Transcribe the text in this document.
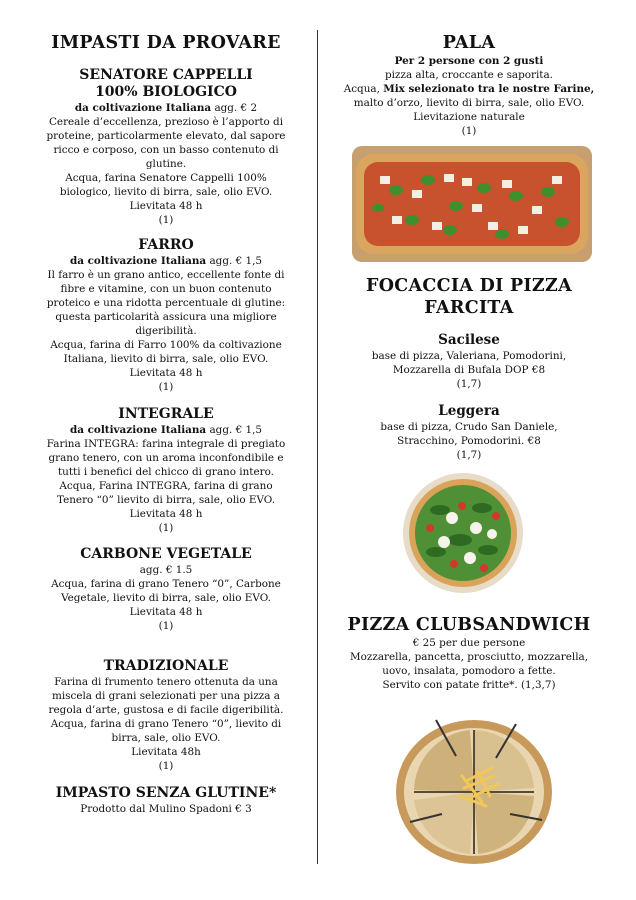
IMPASTI DA PROVARE
SENATORE CAPPELLI
100% BIOLOGICO
da coltivazione Italiana agg. € 2
Cereale d’eccellenza, prezioso è l’apporto di
proteine, particolarmente elevato, dal sapore
ricco e corposo, con un basso contenuto di
glutine.
Acqua, farina Senatore Cappelli 100%
biologico, lievito di birra, sale, olio EVO.
Lievitata 48 h
(1)
FARRO
da coltivazione Italiana agg. € 1,5
Il farro è un grano antico, eccellente fonte di
fibre e vitamine, con un buon contenuto
proteico e una ridotta percentuale di glutine:
questa particolarità assicura una migliore
digeribilità.
Acqua, farina di Farro 100% da coltivazione
Italiana, lievito di birra, sale, olio EVO.
Lievitata 48 h
(1)
INTEGRALE
da coltivazione Italiana agg. € 1,5
Farina INTEGRA: farina integrale di pregiato
grano tenero, con un aroma inconfondibile e
tutti i benefici del chicco di grano intero.
Acqua, Farina INTEGRA, farina di grano
Tenero “0” lievito di birra, sale, olio EVO.
Lievitata 48 h
(1)
CARBONE VEGETALE
agg. € 1.5
Acqua, farina di grano Tenero “0”, Carbone
Vegetale, lievito di birra, sale, olio EVO.
Lievitata 48 h
(1)
TRADIZIONALE
Farina di frumento tenero ottenuta da una
miscela di grani selezionati per una pizza a
regola d’arte, gustosa e di facile digeribilità.
Acqua, farina di grano Tenero “0”, lievito di
birra, sale, olio EVO.
Lievitata 48h
(1)
IMPASTO SENZA GLUTINE*
Prodotto dal Mulino Spadoni € 3
PALA
Per 2 persone con 2 gusti
pizza alta, croccante e saporita.
Acqua, Mix selezionato tra le nostre Farine,
malto d’orzo, lievito di birra, sale, olio EVO.
Lievitazione naturale
(1)
FOCACCIA DI PIZZA
FARCITA
Sacilese
base di pizza, Valeriana, Pomodorini,
Mozzarella di Bufala DOP €8
(1,7)
Leggera
base di pizza, Crudo San Daniele,
Stracchino, Pomodorini. €8
(1,7)
PIZZA CLUBSANDWICH
€ 25 per due persone
Mozzarella, pancetta, prosciutto, mozzarella,
uovo, insalata, pomodoro a fette.
Servito con patate fritte*. (1,3,7)
